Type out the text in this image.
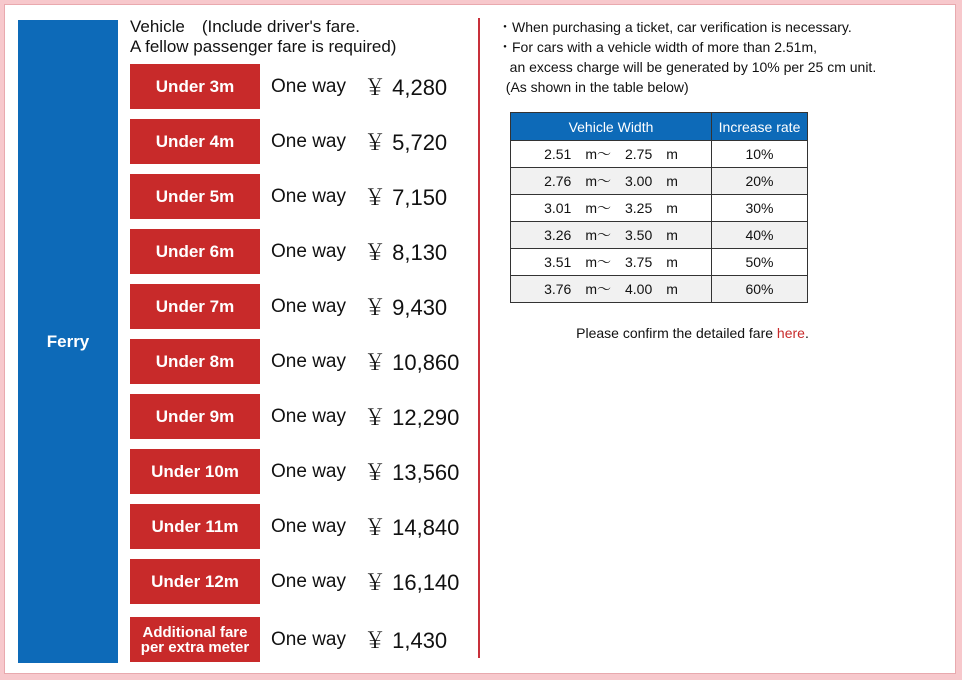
Ferry
Vehicle　(Include driver's fare.
A fellow passenger fare is required)
Under 3m	One way ￥ 4,280
Under 4m	One way ￥ 5,720
Under 5m	One way ￥ 7,150
Under 6m	One way ￥ 8,130
Under 7m	One way ￥ 9,430
Under 8m	One way ￥ 10,860
Under 9m	One way ￥ 12,290
Under 10m	One way ￥ 13,560
Under 11m	One way ￥ 14,840
Under 12m	One way ￥ 16,140
Additional fare
per extra meter One way ￥ 1,430
・When purchasing a ticket, car verification is necessary.
・For cars with a vehicle width of more than 2.51m,
an excess charge will be generated by 10% per 25 cm unit.
(As shown in the table below)
Vehicle Width	Increase rate
2.51　m〜　2.75　m	10%
2.76　m〜　3.00　m	20%
3.01　m〜　3.25　m	30%
3.26　m〜　3.50　m	40%
3.51　m〜　3.75　m	50%
3.76　m〜　4.00　m	60%
Please confirm the detailed fare here.
